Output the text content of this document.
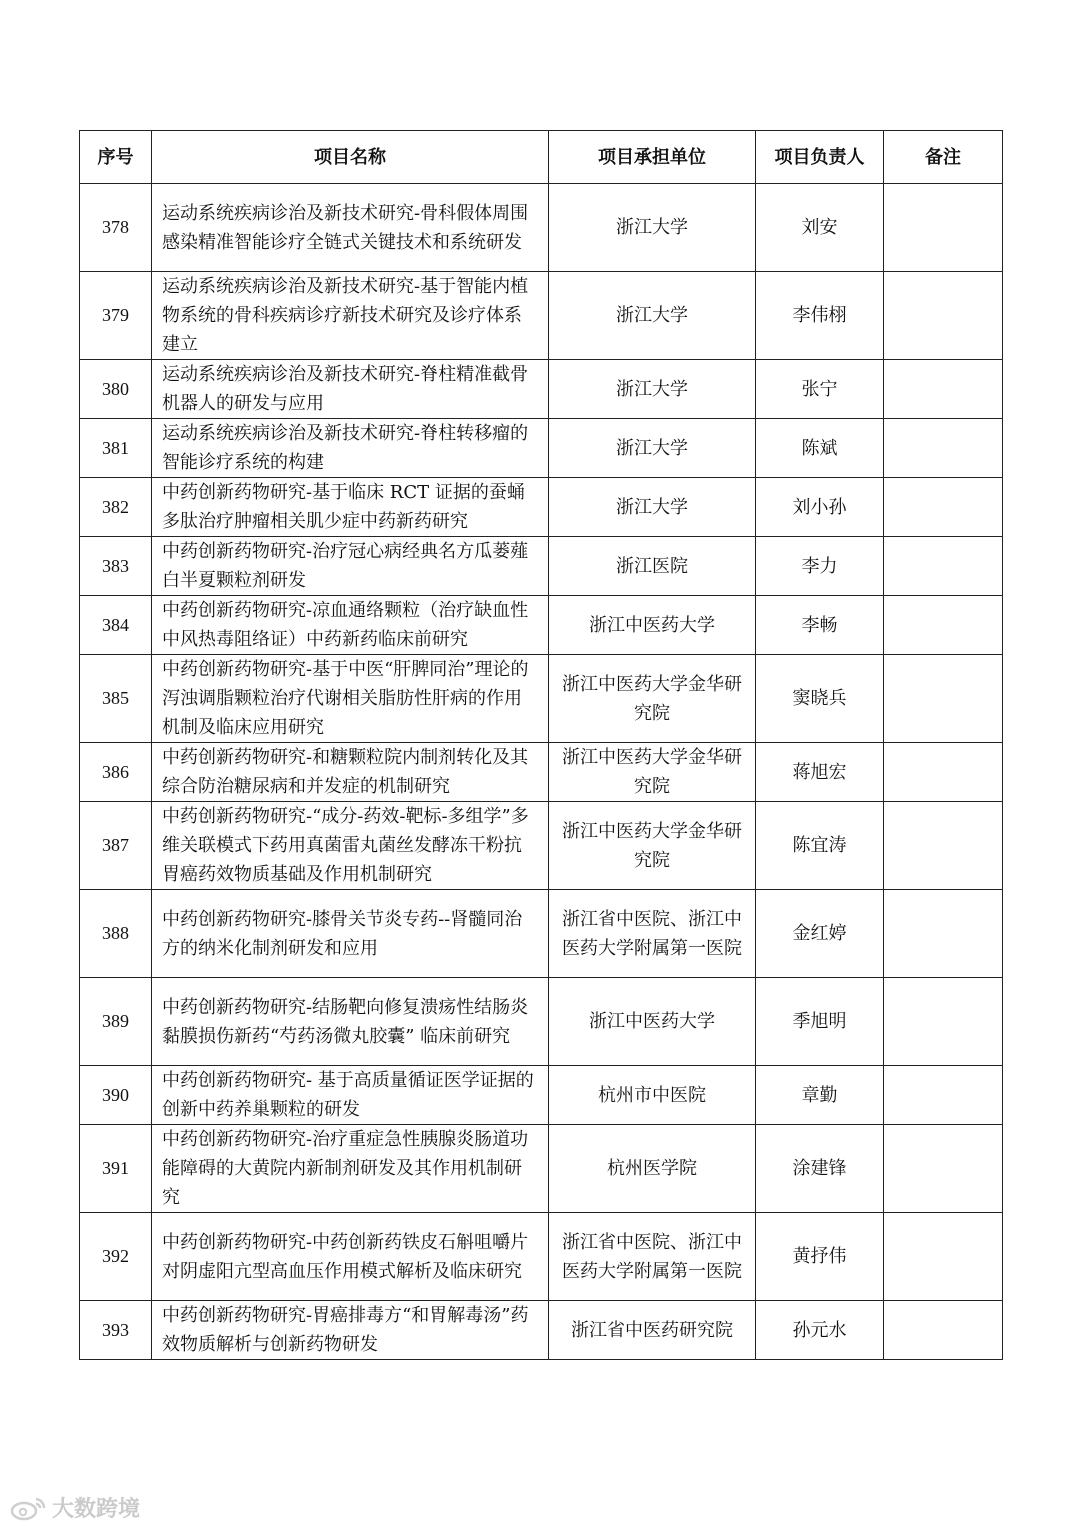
序号	项目名称	项目承担单位	项目负责人	备注
378	运动系统疾病诊治及新技术研究-骨科假体周围感染精准智能诊疗全链式关键技术和系统研发	浙江大学	刘安	
379	运动系统疾病诊治及新技术研究-基于智能内植物系统的骨科疾病诊疗新技术研究及诊疗体系建立	浙江大学	李伟栩	
380	运动系统疾病诊治及新技术研究-脊柱精准截骨机器人的研发与应用	浙江大学	张宁	
381	运动系统疾病诊治及新技术研究-脊柱转移瘤的智能诊疗系统的构建	浙江大学	陈斌	
382	中药创新药物研究-基于临床 RCT 证据的蚕蛹多肽治疗肿瘤相关肌少症中药新药研究	浙江大学	刘小孙	
383	中药创新药物研究-治疗冠心病经典名方瓜蒌薤白半夏颗粒剂研发	浙江医院	李力	
384	中药创新药物研究-凉血通络颗粒（治疗缺血性中风热毒阻络证）中药新药临床前研究	浙江中医药大学	李畅	
385	中药创新药物研究-基于中医“肝脾同治”理论的泻浊调脂颗粒治疗代谢相关脂肪性肝病的作用机制及临床应用研究	浙江中医药大学金华研究院	窦晓兵	
386	中药创新药物研究-和糖颗粒院内制剂转化及其综合防治糖尿病和并发症的机制研究	浙江中医药大学金华研究院	蒋旭宏	
387	中药创新药物研究-“成分-药效-靶标-多组学”多维关联模式下药用真菌雷丸菌丝发酵冻干粉抗胃癌药效物质基础及作用机制研究	浙江中医药大学金华研究院	陈宜涛	
388	中药创新药物研究-膝骨关节炎专药--肾髓同治方的纳米化制剂研发和应用	浙江省中医院、浙江中医药大学附属第一医院	金红婷	
389	中药创新药物研究-结肠靶向修复溃疡性结肠炎黏膜损伤新药“芍药汤微丸胶囊” 临床前研究	浙江中医药大学	季旭明	
390	中药创新药物研究- 基于高质量循证医学证据的创新中药养巢颗粒的研发	杭州市中医院	章勤	
391	中药创新药物研究-治疗重症急性胰腺炎肠道功能障碍的大黄院内新制剂研发及其作用机制研究	杭州医学院	涂建锋	
392	中药创新药物研究-中药创新药铁皮石斛咀嚼片对阴虚阳亢型高血压作用模式解析及临床研究	浙江省中医院、浙江中医药大学附属第一医院	黄抒伟	
393	中药创新药物研究-胃癌排毒方“和胃解毒汤”药效物质解析与创新药物研发	浙江省中医药研究院	孙元水	
大数跨境
